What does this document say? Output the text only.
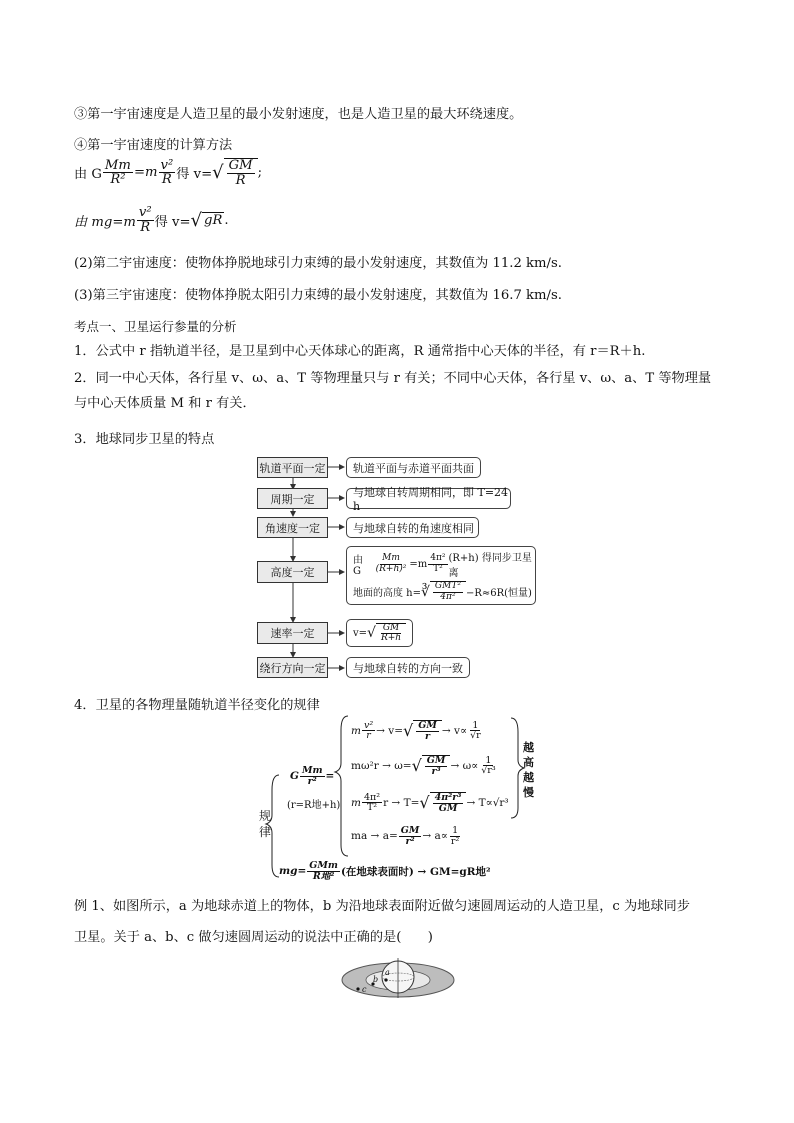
③第一宇宙速度是人造卫星的最小发射速度，也是人造卫星的最大环绕速度。
④第一宇宙速度的计算方法
由 G $\frac{Mm}{\text{R²}} =m \frac{\text{v²}}{R}$ 得 v= √ $\frac{GM}{R}$ ;
由 $mg=m \frac{\text{v²}}{R}$ 得 v= √ gR .
(2)第二宇宙速度：使物体挣脱地球引力束缚的最小发射速度，其数值为 11.2 km/s.
(3)第三宇宙速度：使物体挣脱太阳引力束缚的最小发射速度，其数值为 16.7 km/s.
考点一、卫星运行参量的分析
1．公式中 r 指轨道半径，是卫星到中心天体球心的距离，R 通常指中心天体的半径，有 r＝R＋h.
2．同一中心天体，各行星 v、ω、a、T 等物理量只与 r 有关；不同中心天体，各行星 v、ω、a、T 等物理量
与中心天体质量 M 和 r 有关．
3．地球同步卫星的特点
轨道平面一定
周期一定
角速度一定
高度一定
速率一定
绕行方向一定
轨道平面与赤道平面共面
与地球自转周期相同，即 T=24 h
与地球自转的角速度相同
由 G	$\frac{Mm}{\text{(R+h)²}} =m \frac{\text{4π²}}{\text{T²}} (R+h)$ 得同步卫星离
地面的高度 h= ∛ $\frac{\text{GMT²}}{\text{4π²}} -R\approx 6R$(恒量)
v= √ $\frac{GM}{R+h}$
与地球自转的方向一致
4．卫星的各物理量随轨道半径变化的规律
规
律
G $\frac{Mm}{\text{r²}}$ =
(r=R地+h)
m $\frac{\text{v²}}{r} \to v=$ √ $\frac{GM}{r} \to v\propto \frac{1}{√r}$
mω²r → ω= √ $\frac{GM}{\text{r³}} \to \omega\propto \frac{1}{\text{√r³}}$
m $\frac{\text{4π²}}{\text{T²}}$ r → T= √ $\frac{\text{4π²r³}}{GM} \to T\propto√r^3$
ma → $a= \frac{GM}{\text{r²}} \to a\propto \frac{1}{\text{r²}}$
$mg= \frac{\text{GMm}}{\text{R地²}}$ (在地球表面时) → GM=gR地²
越
高
越
慢
例 1、如图所示，a 为地球赤道上的物体，b 为沿地球表面附近做匀速圆周运动的人造卫星，c 为地球同步
卫星。关于 a、b、c 做匀速圆周运动的说法中正确的是(　　)
a
b
c
